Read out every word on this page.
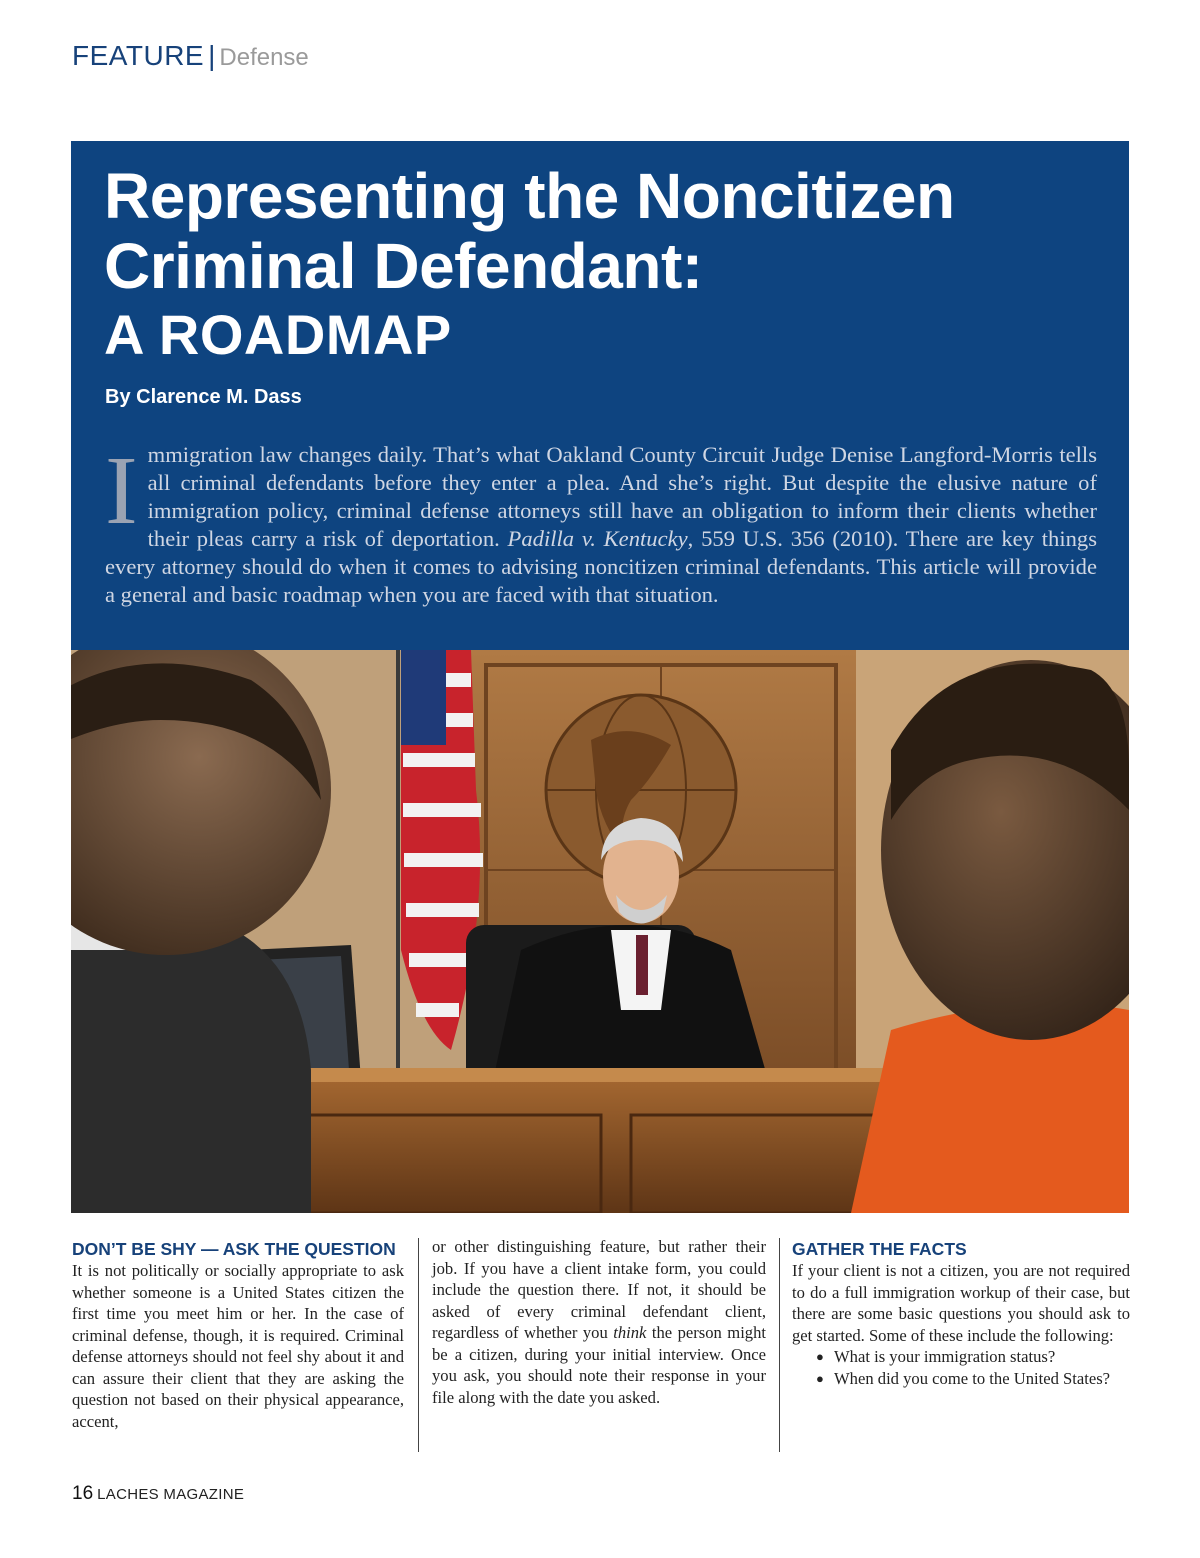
FEATURE | Defense
Representing the Noncitizen Criminal Defendant:
A ROADMAP
By Clarence M. Dass

Immigration law changes daily. That’s what Oakland County Circuit Judge Denise Langford-Morris tells all criminal defendants before they enter a plea. And she’s right. But despite the elusive nature of immigration policy, criminal defense attorneys still have an obligation to inform their clients whether their pleas carry a risk of deportation. Padilla v. Kentucky, 559 U.S. 356 (2010). There are key things every attorney should do when it comes to advising noncitizen criminal defendants. This article will provide a general and basic roadmap when you are faced with that situation.

DON’T BE SHY — ASK THE QUESTION

It is not politically or socially appropriate to ask whether someone is a United States citizen the first time you meet him or her. In the case of criminal defense, though, it is required. Criminal defense attorneys should not feel shy about it and can assure their client that they are asking the question not based on their physical appearance, accent,

or other distinguishing feature, but rather their job. If you have a client intake form, you could include the question there. If not, it should be asked of every criminal defendant client, regardless of whether you think the person might be a citizen, during your initial interview. Once you ask, you should note their response in your file along with the date you asked.

GATHER THE FACTS

If your client is not a citizen, you are not required to do a full immigration workup of their case, but there are some basic questions you should ask to get started. Some of these include the following:

● What is your immigration status?
● When did you come to the United States?
16 LACHES MAGAZINE
